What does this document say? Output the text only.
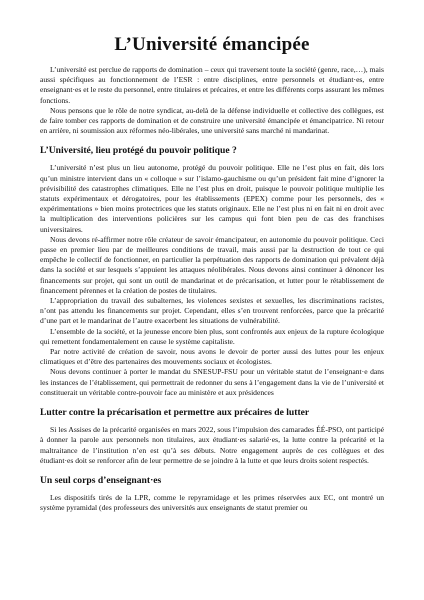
L’Université émancipée

L’université est perclue de rapports de domination – ceux qui traversent toute la société (genre, race,…), mais aussi spécifiques au fonctionnement de l’ESR : entre disciplines, entre personnels et étudiant·es, entre enseignant·es et le reste du personnel, entre titulaires et précaires, et entre les différents corps assurant les mêmes fonctions.

Nous pensons que le rôle de notre syndicat, au-delà de la défense individuelle et collective des collègues, est de faire tomber ces rapports de domination et de construire une université émancipée et émancipatrice. Ni retour en arrière, ni soumission aux réformes néo-libérales, une université sans marché ni mandarinat.

L’Université, lieu protégé du pouvoir politique ?

L’université n’est plus un lieu autonome, protégé du pouvoir politique. Elle ne l’est plus en fait, dès lors qu’un ministre intervient dans un « colloque » sur l’islamo-gauchisme ou qu’un président fait mine d’ignorer la prévisibilité des catastrophes climatiques. Elle ne l’est plus en droit, puisque le pouvoir politique multiplie les statuts expérimentaux et dérogatoires, pour les établissements (EPEX) comme pour les personnels, des « expérimentations » bien moins protectrices que les statuts originaux. Elle ne l’est plus ni en fait ni en droit avec la multiplication des interventions policières sur les campus qui font bien peu de cas des franchises universitaires.

Nous devons ré-affirmer notre rôle créateur de savoir émancipateur, en autonomie du pouvoir politique. Ceci passe en premier lieu par de meilleures conditions de travail, mais aussi par la destruction de tout ce qui empêche le collectif de fonctionner, en particulier la perpétuation des rapports de domination qui prévalent déjà dans la société et sur lesquels s’appuient les attaques néolibérales. Nous devons ainsi continuer à dénoncer les financements sur projet, qui sont un outil de mandarinat et de précarisation, et lutter pour le rétablissement de financement pérennes et la création de postes de titulaires.

L’appropriation du travail des subalternes, les violences sexistes et sexuelles, les discriminations racistes, n’ont pas attendu les financements sur projet. Cependant, elles s’en trouvent renforcées, parce que la précarité d’une part et le mandarinat de l’autre exacerbent les situations de vulnérabilité.

L’ensemble de la société, et la jeunesse encore bien plus, sont confrontés aux enjeux de la rupture écologique qui remettent fondamentalement en cause le système capitaliste.

Par notre activité de création de savoir, nous avons le devoir de porter aussi des luttes pour les enjeux climatiques et d’être des partenaires des mouvements sociaux et écologistes.

Nous devons continuer à porter le mandat du SNESUP-FSU pour un véritable statut de l’enseignant·e dans les instances de l’établissement, qui permettrait de redonner du sens à l’engagement dans la vie de l’université et constituerait un véritable contre-pouvoir face au ministère et aux présidences

Lutter contre la précarisation et permettre aux précaires de lutter

Si les Assises de la précarité organisées en mars 2022, sous l’impulsion des camarades ÉÉ-PSO, ont participé à donner la parole aux personnels non titulaires, aux étudiant·es salarié·es, la lutte contre la précarité et la maltraitance de l’institution n’en est qu’à ses débuts. Notre engagement auprès de ces collègues et des étudiant·es doit se renforcer afin de leur permettre de se joindre à la lutte et que leurs droits soient respectés.

Un seul corps d’enseignant·es

Les dispositifs tirés de la LPR, comme le repyramidage et les primes réservées aux EC, ont montré un système pyramidal (des professeurs des universités aux enseignants de statut premier ou
